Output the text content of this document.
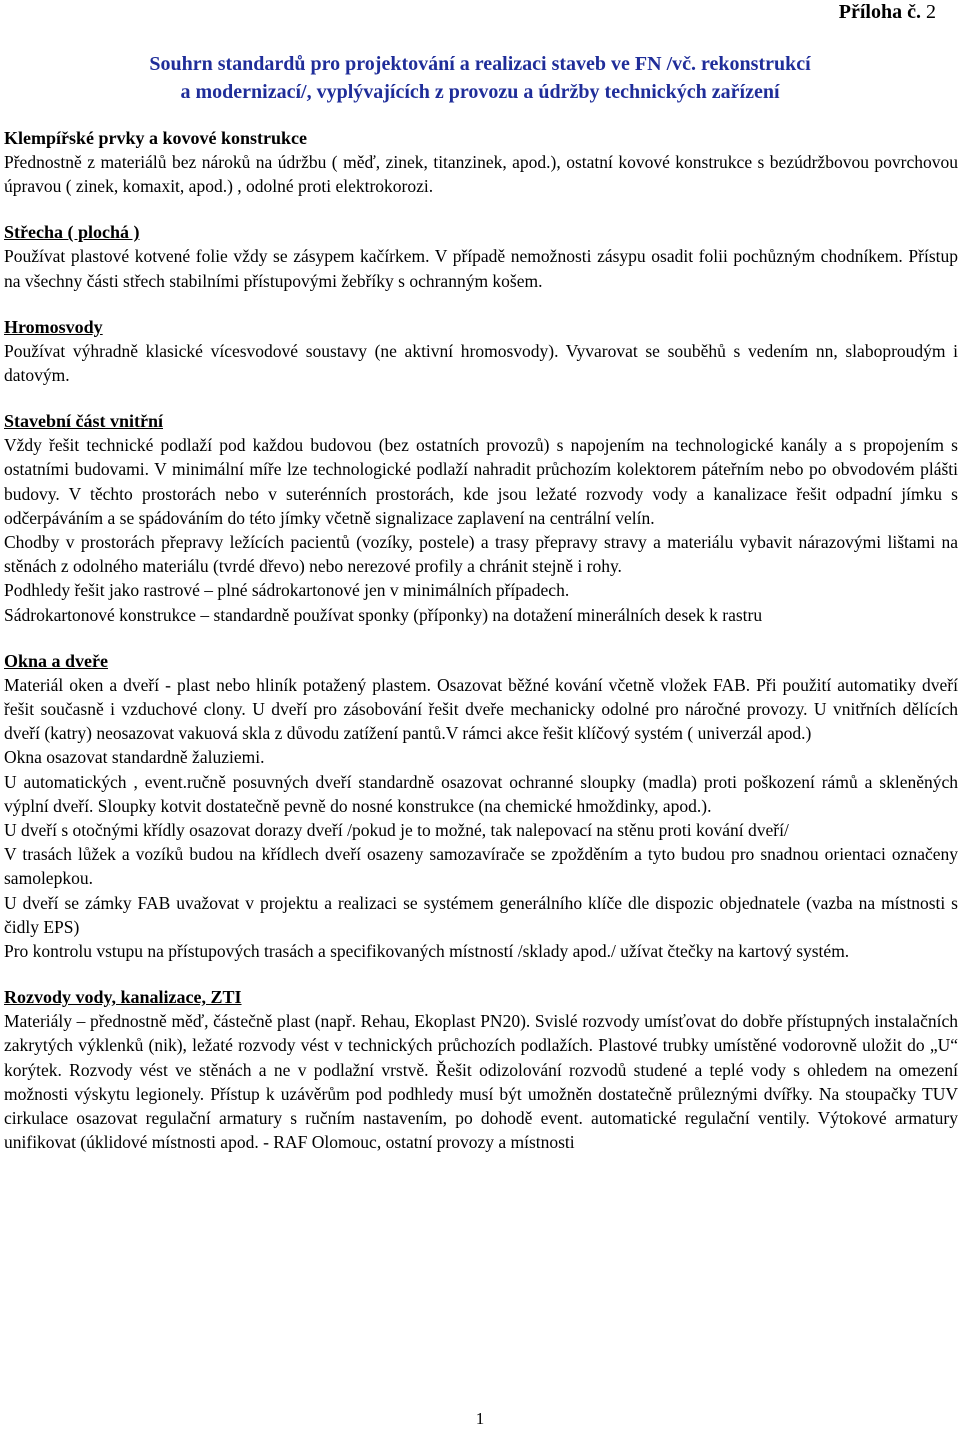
Příloha č. 2
Souhrn standardů pro projektování a realizaci staveb ve FN /vč. rekonstrukcí
a modernizací/, vyplývajících z provozu a údržby technických zařízení
Klempířské prvky a kovové konstrukce

Přednostně z materiálů bez nároků na údržbu ( měď, zinek, titanzinek, apod.), ostatní kovové konstrukce s bezúdržbovou povrchovou úpravou ( zinek, komaxit, apod.) , odolné proti elektrokorozi.

Střecha ( plochá )

Používat plastové kotvené folie vždy se zásypem kačírkem. V případě nemožnosti zásypu osadit folii pochůzným chodníkem. Přístup na všechny části střech stabilními přístupovými žebříky s ochranným košem.

Hromosvody

Používat výhradně klasické vícesvodové soustavy (ne aktivní hromosvody). Vyvarovat se souběhů s vedením nn, slaboproudým i datovým.

Stavební část vnitřní

Vždy řešit technické podlaží pod každou budovou (bez ostatních provozů) s napojením na technologické kanály a s propojením s ostatními budovami. V minimální míře lze technologické podlaží nahradit průchozím kolektorem páteřním nebo po obvodovém plášti budovy. V těchto prostorách nebo v suterénních prostorách, kde jsou ležaté rozvody vody a kanalizace řešit odpadní jímku s odčerpáváním a se spádováním do této jímky včetně signalizace zaplavení na centrální velín.

Chodby v prostorách přepravy ležících pacientů (vozíky, postele) a trasy přepravy stravy a materiálu vybavit nárazovými lištami na stěnách z odolného materiálu (tvrdé dřevo) nebo nerezové profily a chránit stejně i rohy.

Podhledy řešit jako rastrové – plné sádrokartonové jen v minimálních případech.

Sádrokartonové konstrukce – standardně používat sponky (příponky) na dotažení minerálních desek k rastru

Okna a dveře

Materiál oken a dveří - plast nebo hliník potažený plastem. Osazovat běžné kování včetně vložek FAB. Při použití automatiky dveří řešit současně i vzduchové clony. U dveří pro zásobování řešit dveře mechanicky odolné pro náročné provozy. U vnitřních dělících dveří (katry) neosazovat vakuová skla z důvodu zatížení pantů.V rámci akce řešit klíčový systém ( univerzál apod.)

Okna osazovat standardně žaluziemi.

U automatických , event.ručně posuvných dveří standardně osazovat ochranné sloupky (madla) proti poškození rámů a skleněných výplní dveří. Sloupky kotvit dostatečně pevně do nosné konstrukce (na chemické hmoždinky, apod.).

U dveří s otočnými křídly osazovat dorazy dveří /pokud je to možné, tak nalepovací na stěnu proti kování dveří/

V trasách lůžek a vozíků budou na křídlech dveří osazeny samozavírače se zpožděním a tyto budou pro snadnou orientaci označeny samolepkou.

U dveří se zámky FAB uvažovat v projektu a realizaci se systémem generálního klíče dle dispozic objednatele (vazba na místnosti s čidly EPS)

Pro kontrolu vstupu na přístupových trasách a specifikovaných místností /sklady apod./ užívat čtečky na kartový systém.

Rozvody vody, kanalizace, ZTI

Materiály – přednostně měď, částečně plast (např. Rehau, Ekoplast PN20). Svislé rozvody umísťovat do dobře přístupných instalačních zakrytých výklenků (nik), ležaté rozvody vést v technických průchozích podlažích. Plastové trubky umístěné vodorovně uložit do „U“ korýtek. Rozvody vést ve stěnách a ne v podlažní vrstvě. Řešit odizolování rozvodů studené a teplé vody s ohledem na omezení možnosti výskytu legionely. Přístup k uzávěrům pod podhledy musí být umožněn dostatečně průleznými dvířky. Na stoupačky TUV cirkulace osazovat regulační armatury s ručním nastavením, po dohodě event. automatické regulační ventily. Výtokové armatury unifikovat (úklidové místnosti apod. - RAF Olomouc, ostatní provozy a místnosti

1
